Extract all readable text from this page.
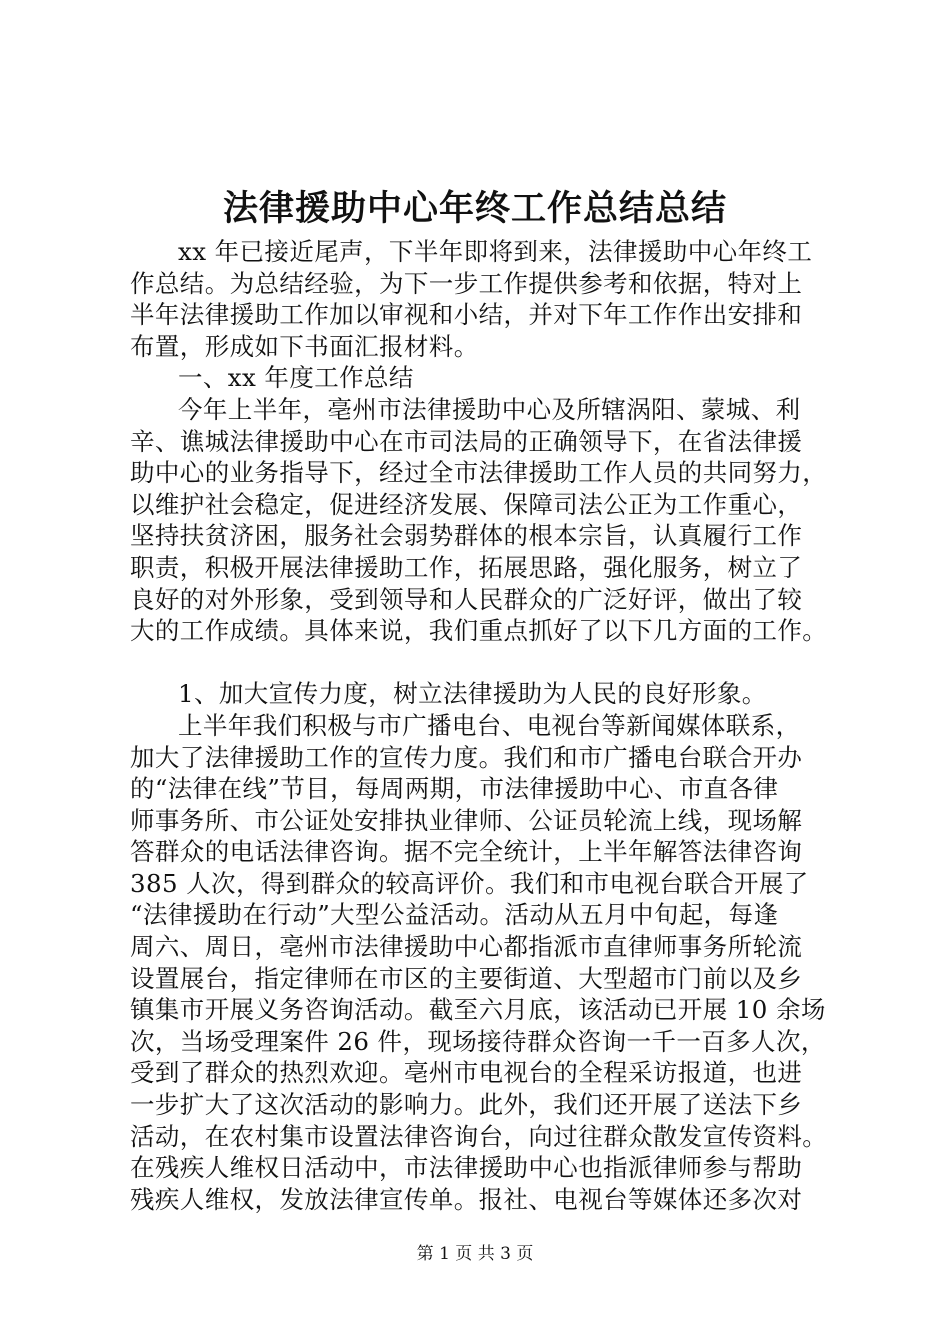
法律援助中心年终工作总结总结
xx 年已接近尾声，下半年即将到来，法律援助中心年终工
作总结。为总结经验，为下一步工作提供参考和依据，特对上
半年法律援助工作加以审视和小结，并对下年工作作出安排和
布置，形成如下书面汇报材料。
一、xx 年度工作总结
今年上半年，亳州市法律援助中心及所辖涡阳、蒙城、利
辛、谯城法律援助中心在市司法局的正确领导下，在省法律援
助中心的业务指导下，经过全市法律援助工作人员的共同努力，
以维护社会稳定，促进经济发展、保障司法公正为工作重心，
坚持扶贫济困，服务社会弱势群体的根本宗旨，认真履行工作
职责，积极开展法律援助工作，拓展思路，强化服务，树立了
良好的对外形象，受到领导和人民群众的广泛好评，做出了较
大的工作成绩。具体来说，我们重点抓好了以下几方面的工作。
1、加大宣传力度，树立法律援助为人民的良好形象。
上半年我们积极与市广播电台、电视台等新闻媒体联系，
加大了法律援助工作的宣传力度。我们和市广播电台联合开办
的“法律在线”节目，每周两期，市法律援助中心、市直各律
师事务所、市公证处安排执业律师、公证员轮流上线，现场解
答群众的电话法律咨询。据不完全统计，上半年解答法律咨询
385 人次，得到群众的较高评价。我们和市电视台联合开展了
“法律援助在行动”大型公益活动。活动从五月中旬起，每逢
周六、周日，亳州市法律援助中心都指派市直律师事务所轮流
设置展台，指定律师在市区的主要街道、大型超市门前以及乡
镇集市开展义务咨询活动。截至六月底，该活动已开展 10 余场
次，当场受理案件 26 件，现场接待群众咨询一千一百多人次，
受到了群众的热烈欢迎。亳州市电视台的全程采访报道，也进
一步扩大了这次活动的影响力。此外，我们还开展了送法下乡
活动，在农村集市设置法律咨询台，向过往群众散发宣传资料。
在残疾人维权日活动中，市法律援助中心也指派律师参与帮助
残疾人维权，发放法律宣传单。报社、电视台等媒体还多次对
第 1 页 共 3 页
